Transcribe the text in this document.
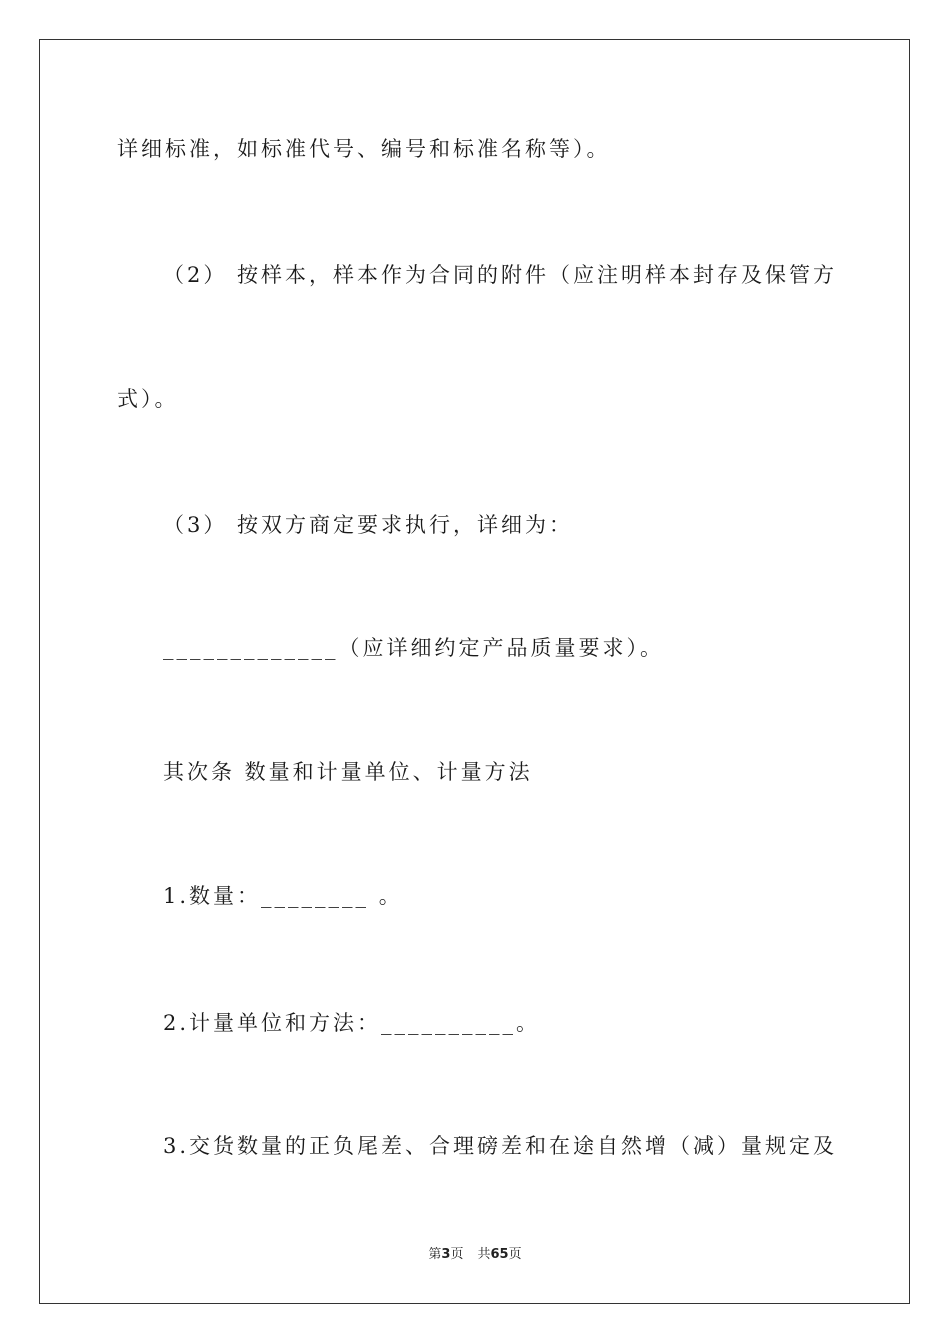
详细标准，如标准代号、编号和标准名称等）。
（2） 按样本，样本作为合同的附件（应注明样本封存及保管方
式）。
（3） 按双方商定要求执行，详细为：
_____________（应详细约定产品质量要求）。
其次条 数量和计量单位、计量方法
1.数量：________ 。
2.计量单位和方法：__________。
3.交货数量的正负尾差、合理磅差和在途自然增（减）量规定及
第3页 共65页
